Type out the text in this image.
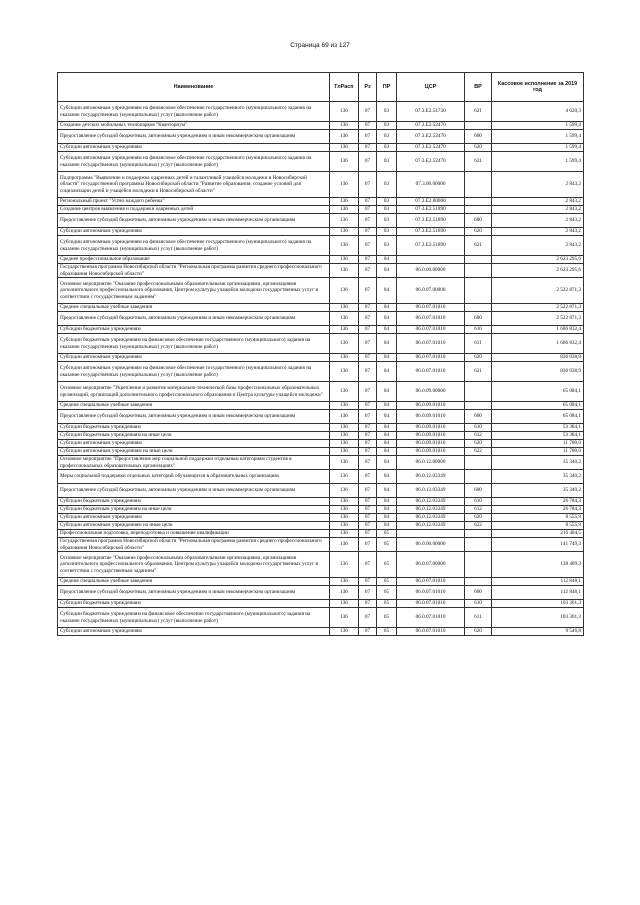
Страница 69 из 127
Наименование	ГлРасп	Рз	ПР	ЦСР	ВР	Кассовое исполнение за 2019 год
Субсидии автономным учреждениям на финансовое обеспечение государственного (муниципального) задания на оказание государственных (муниципальных) услуг (выполнение работ)	136	07	03	07.3.E2.51730	621	4 020,3
Создание детских мобильных технопарков "Кванториум"	136	07	03	07.3.E2.52470		1 599,4
Предоставление субсидий бюджетным, автономным учреждениям и иным некоммерческим организациям	136	07	03	07.3.E2.52470	600	1 599,4
Субсидии автономным учреждениям	136	07	03	07.3.E2.52470	620	1 599,4
Субсидии автономным учреждениям на финансовое обеспечение государственного (муниципального) задания на оказание государственных (муниципальных) услуг (выполнение работ)	136	07	03	07.3.E2.52470	621	1 599,4
Подпрограмма "Выявление и поддержка одаренных детей и талантливой учащейся молодежи в Новосибирской области" государственной программы Новосибирской области "Развитие образования, создание условий для социализации детей и учащейся молодежи в Новосибирской области"	136	07	03	07.3.00.00000		2 843,2
Региональный проект "Успех каждого ребенка"	136	07	03	07.3.E2.00000		2 843,2
Создание центров выявления и поддержки одаренных детей	136	07	03	07.3.E2.51890		2 843,2
Предоставление субсидий бюджетным, автономным учреждениям и иным некоммерческим организациям	136	07	03	07.3.E2.51890	600	2 843,2
Субсидии автономным учреждениям	136	07	03	07.3.E2.51890	620	2 843,2
Субсидии автономным учреждениям на финансовое обеспечение государственного (муниципального) задания на оказание государственных (муниципальных) услуг (выполнение работ)	136	07	03	07.3.E2.51890	621	2 843,2
Среднее профессиональное образование	136	07	04			2 623 295,6
Государственная программа Новосибирской области "Региональная программа развития среднего профессионального образования Новосибирской области"	136	07	04	06.0.00.00000		2 623 295,6
Основное мероприятие "Оказание профессиональными образовательными организациями, организациями дополнительного профессионального образования, Центром культуры учащейся молодежи государственных услуг в соответствии с государственным заданием"	136	07	04	06.0.07.00000		2 522 871,3
Средние специальные учебные заведения	136	07	04	06.0.07.01010		2 522 871,3
Предоставление субсидий бюджетным, автономным учреждениям и иным некоммерческим организациям	136	07	04	06.0.07.01010	600	2 522 871,3
Субсидии бюджетным учреждениям	136	07	04	06.0.07.01010	610	1 686 832,4
Субсидии бюджетным учреждениям на финансовое обеспечение государственного (муниципального) задания на оказание государственных (муниципальных) услуг (выполнение работ)	136	07	04	06.0.07.01010	611	1 686 832,4
Субсидии автономным учреждениям	136	07	04	06.0.07.01010	620	836 038,9
Субсидии автономным учреждениям на финансовое обеспечение государственного (муниципального) задания на оказание государственных (муниципальных) услуг (выполнение работ)	136	07	04	06.0.07.01010	621	836 038,9
Основное мероприятие "Укрепление и развитие материально-технической базы профессиональных образовательных организаций, организаций дополнительного профессионального образования и Центра культуры учащейся молодежи"	136	07	04	06.0.09.00000		65 084,1
Средние специальные учебные заведения	136	07	04	06.0.09.01010		65 084,1
Предоставление субсидий бюджетным, автономным учреждениям и иным некоммерческим организациям	136	07	04	06.0.09.01010	600	65 084,1
Субсидии бюджетным учреждениям	136	07	04	06.0.09.01010	610	53 384,1
Субсидии бюджетным учреждениям на иные цели	136	07	04	06.0.09.01010	612	53 384,1
Субсидии автономным учреждениям	136	07	04	06.0.09.01010	620	11 700,0
Субсидии автономным учреждениям на иные цели	136	07	04	06.0.09.01010	622	11 700,0
Основное мероприятие "Предоставление мер социальной поддержки отдельным категориям студентов в профессиональных образовательных организациях"	136	07	04	06.0.12.00000		35 340,2
Меры социальной поддержки отдельных категорий обучающихся в образовательных организациях	136	07	04	06.0.12.03349		35 340,2
Предоставление субсидий бюджетным, автономным учреждениям и иным некоммерческим организациям	136	07	04	06.0.12.03349	600	35 340,2
Субсидии бюджетным учреждениям	136	07	04	06.0.12.03349	610	26 784,3
Субсидии бюджетным учреждениям на иные цели	136	07	04	06.0.12.03349	612	26 784,3
Субсидии автономным учреждениям	136	07	04	06.0.12.03349	620	8 555,9
Субсидии автономным учреждениям на иные цели	136	07	04	06.0.12.03349	622	8 555,9
Профессиональная подготовка, переподготовка и повышение квалификации	136	07	05			216 404,5
Государственная программа Новосибирской области "Региональная программа развития среднего профессионального образования Новосибирской области"	136	07	05	06.0.00.00000		141 749,3
Основное мероприятие "Оказание профессиональными образовательными организациями, организациями дополнительного профессионального образования, Центром культуры учащейся молодежи государственных услуг в соответствии с государственным заданием"	136	07	05	06.0.07.00000		138 409,3
Средние специальные учебные заведения	136	07	05	06.0.07.01010		112 848,1
Предоставление субсидий бюджетным, автономным учреждениям и иным некоммерческим организациям	136	07	05	06.0.07.01010	600	112 848,1
Субсидии бюджетным учреждениям	136	07	05	06.0.07.01010	610	103 301,3
Субсидии бюджетным учреждениям на финансовое обеспечение государственного (муниципального) задания на оказание государственных (муниципальных) услуг (выполнение работ)	136	07	05	06.0.07.01010	611	103 301,3
Субсидии автономным учреждениям	136	07	05	06.0.07.01010	620	9 546,8
